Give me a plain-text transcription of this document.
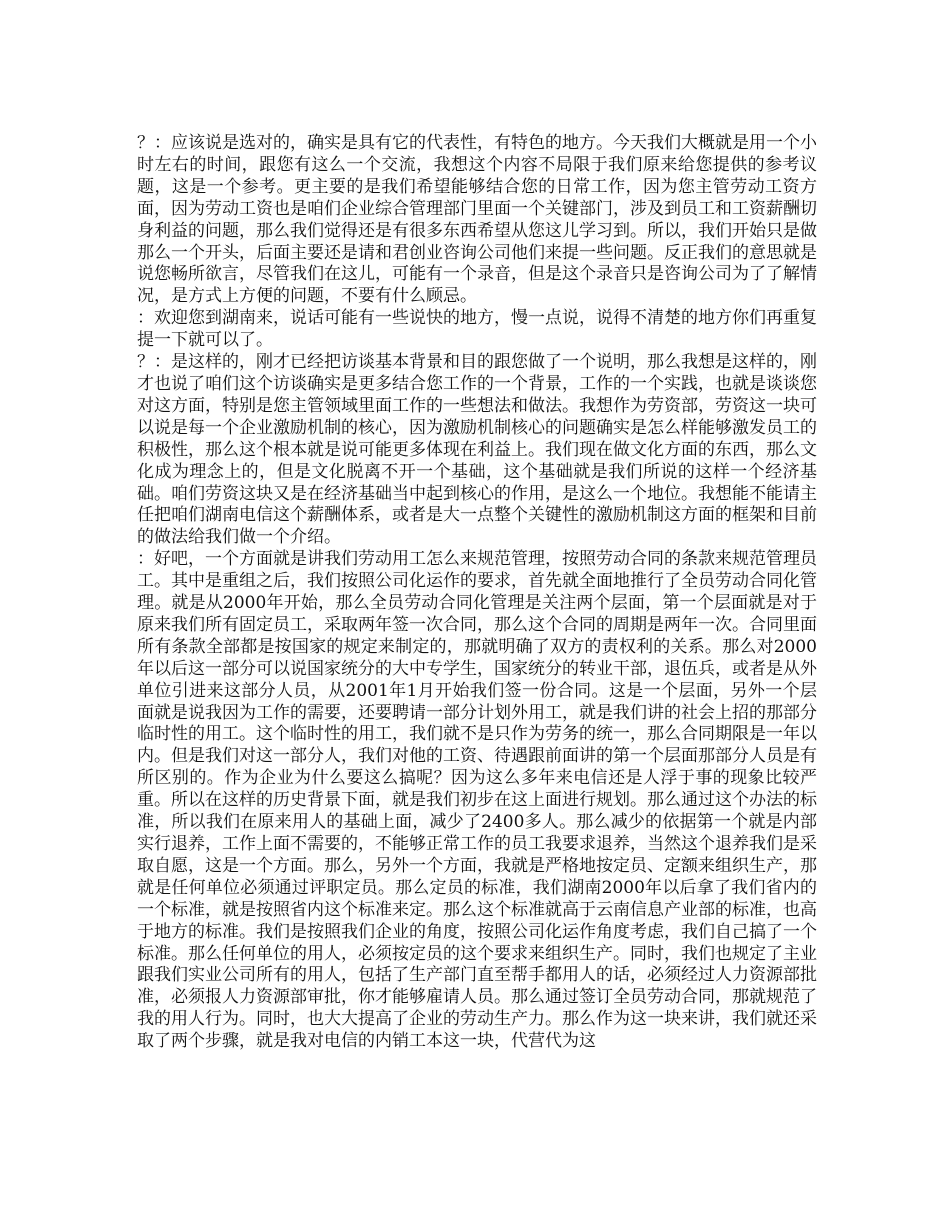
？：应该说是选对的，确实是具有它的代表性，有特色的地方。今天我们大概就是用一个小时左右的时间，跟您有这么一个交流，我想这个内容不局限于我们原来给您提供的参考议题，这是一个参考。更主要的是我们希望能够结合您的日常工作，因为您主管劳动工资方面，因为劳动工资也是咱们企业综合管理部门里面一个关键部门，涉及到员工和工资薪酬切身利益的问题，那么我们觉得还是有很多东西希望从您这儿学习到。所以，我们开始只是做那么一个开头，后面主要还是请和君创业咨询公司他们来提一些问题。反正我们的意思就是说您畅所欲言，尽管我们在这儿，可能有一个录音，但是这个录音只是咨询公司为了了解情况，是方式上方便的问题，不要有什么顾忌。

：欢迎您到湖南来，说话可能有一些说快的地方，慢一点说，说得不清楚的地方你们再重复提一下就可以了。

？：是这样的，刚才已经把访谈基本背景和目的跟您做了一个说明，那么我想是这样的，刚才也说了咱们这个访谈确实是更多结合您工作的一个背景，工作的一个实践，也就是谈谈您对这方面，特别是您主管领域里面工作的一些想法和做法。我想作为劳资部，劳资这一块可以说是每一个企业激励机制的核心，因为激励机制核心的问题确实是怎么样能够激发员工的积极性，那么这个根本就是说可能更多体现在利益上。我们现在做文化方面的东西，那么文化成为理念上的，但是文化脱离不开一个基础，这个基础就是我们所说的这样一个经济基础。咱们劳资这块又是在经济基础当中起到核心的作用，是这么一个地位。我想能不能请主任把咱们湖南电信这个薪酬体系，或者是大一点整个关键性的激励机制这方面的框架和目前的做法给我们做一个介绍。

：好吧，一个方面就是讲我们劳动用工怎么来规范管理，按照劳动合同的条款来规范管理员工。其中是重组之后，我们按照公司化运作的要求，首先就全面地推行了全员劳动合同化管理。就是从2000年开始，那么全员劳动合同化管理是关注两个层面，第一个层面就是对于原来我们所有固定员工，采取两年签一次合同，那么这个合同的周期是两年一次。合同里面所有条款全部都是按国家的规定来制定的，那就明确了双方的责权利的关系。那么对2000年以后这一部分可以说国家统分的大中专学生，国家统分的转业干部，退伍兵，或者是从外单位引进来这部分人员，从2001年1月开始我们签一份合同。这是一个层面，另外一个层面就是说我因为工作的需要，还要聘请一部分计划外用工，就是我们讲的社会上招的那部分临时性的用工。这个临时性的用工，我们就不是只作为劳务的统一，那么合同期限是一年以内。但是我们对这一部分人，我们对他的工资、待遇跟前面讲的第一个层面那部分人员是有所区别的。作为企业为什么要这么搞呢？因为这么多年来电信还是人浮于事的现象比较严重。所以在这样的历史背景下面，就是我们初步在这上面进行规划。那么通过这个办法的标准，所以我们在原来用人的基础上面，减少了2400多人。那么减少的依据第一个就是内部实行退养，工作上面不需要的，不能够正常工作的员工我要求退养，当然这个退养我们是采取自愿，这是一个方面。那么，另外一个方面，我就是严格地按定员、定额来组织生产，那就是任何单位必须通过评职定员。那么定员的标准，我们湖南2000年以后拿了我们省内的一个标准，就是按照省内这个标准来定。那么这个标准就高于云南信息产业部的标准，也高于地方的标准。我们是按照我们企业的角度，按照公司化运作角度考虑，我们自己搞了一个标准。那么任何单位的用人，必须按定员的这个要求来组织生产。同时，我们也规定了主业跟我们实业公司所有的用人，包括了生产部门直至帮手都用人的话，必须经过人力资源部批准，必须报人力资源部审批，你才能够雇请人员。那么通过签订全员劳动合同，那就规范了我的用人行为。同时，也大大提高了企业的劳动生产力。那么作为这一块来讲，我们就还采取了两个步骤，就是我对电信的内销工本这一块，代营代为这
